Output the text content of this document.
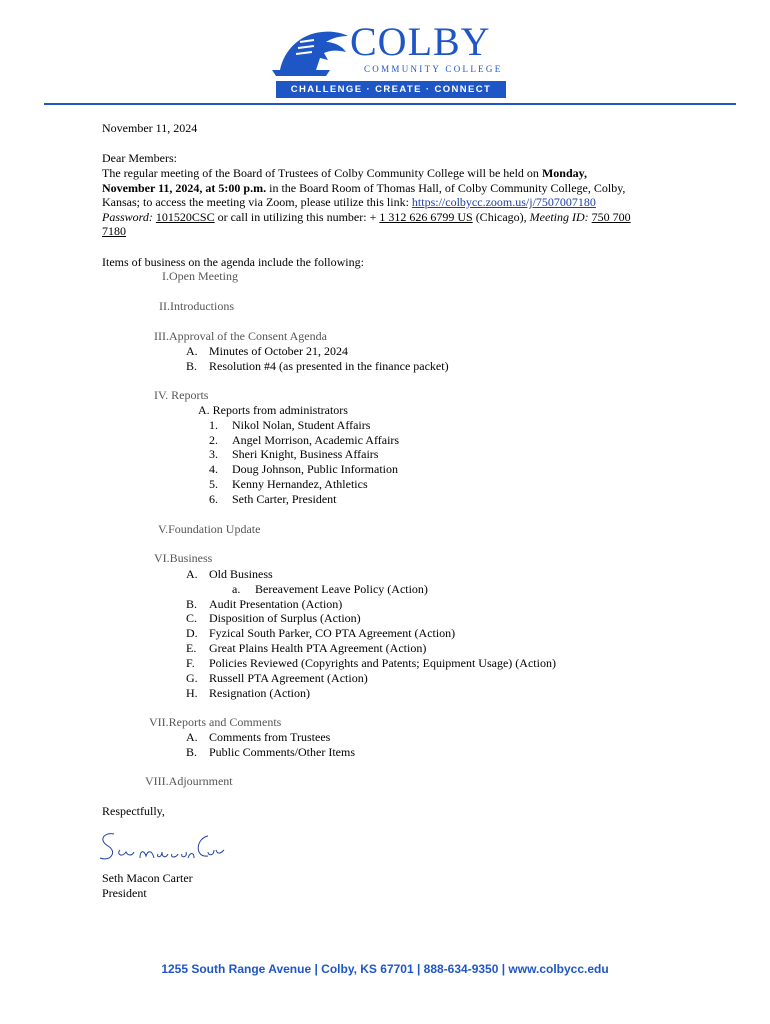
COLBY
COMMUNITY COLLEGE
CHALLENGE · CREATE · CONNECT
November 11, 2024
Dear Members:
The regular meeting of the Board of Trustees of Colby Community College will be held on Monday,
November 11, 2024, at 5:00 p.m. in the Board Room of Thomas Hall, of Colby Community College, Colby,
Kansas; to access the meeting via Zoom, please utilize this link: https://colbycc.zoom.us/j/7507007180
Password: 101520CSC or call in utilizing this number: + 1 312 626 6799 US (Chicago), Meeting ID: 750 700
7180
Items of business on the agenda include the following:
I.Open Meeting
II.Introductions
III.Approval of the Consent Agenda
A. Minutes of October 21, 2024
B. Resolution #4 (as presented in the finance packet)
IV. Reports
A. Reports from administrators
1. Nikol Nolan, Student Affairs
2. Angel Morrison, Academic Affairs
3. Sheri Knight, Business Affairs
4. Doug Johnson, Public Information
5. Kenny Hernandez, Athletics
6. Seth Carter, President
V.Foundation Update
VI.Business
A. Old Business
a. Bereavement Leave Policy (Action)
B. Audit Presentation (Action)
C. Disposition of Surplus (Action)
D. Fyzical South Parker, CO PTA Agreement (Action)
E. Great Plains Health PTA Agreement (Action)
F. Policies Reviewed (Copyrights and Patents; Equipment Usage) (Action)
G. Russell PTA Agreement (Action)
H. Resignation (Action)
VII.Reports and Comments
A. Comments from Trustees
B. Public Comments/Other Items
VIII.Adjournment
Respectfully,
Seth Macon Carter
President
1255 South Range Avenue | Colby, KS 67701 | 888-634-9350 | www.colbycc.edu
